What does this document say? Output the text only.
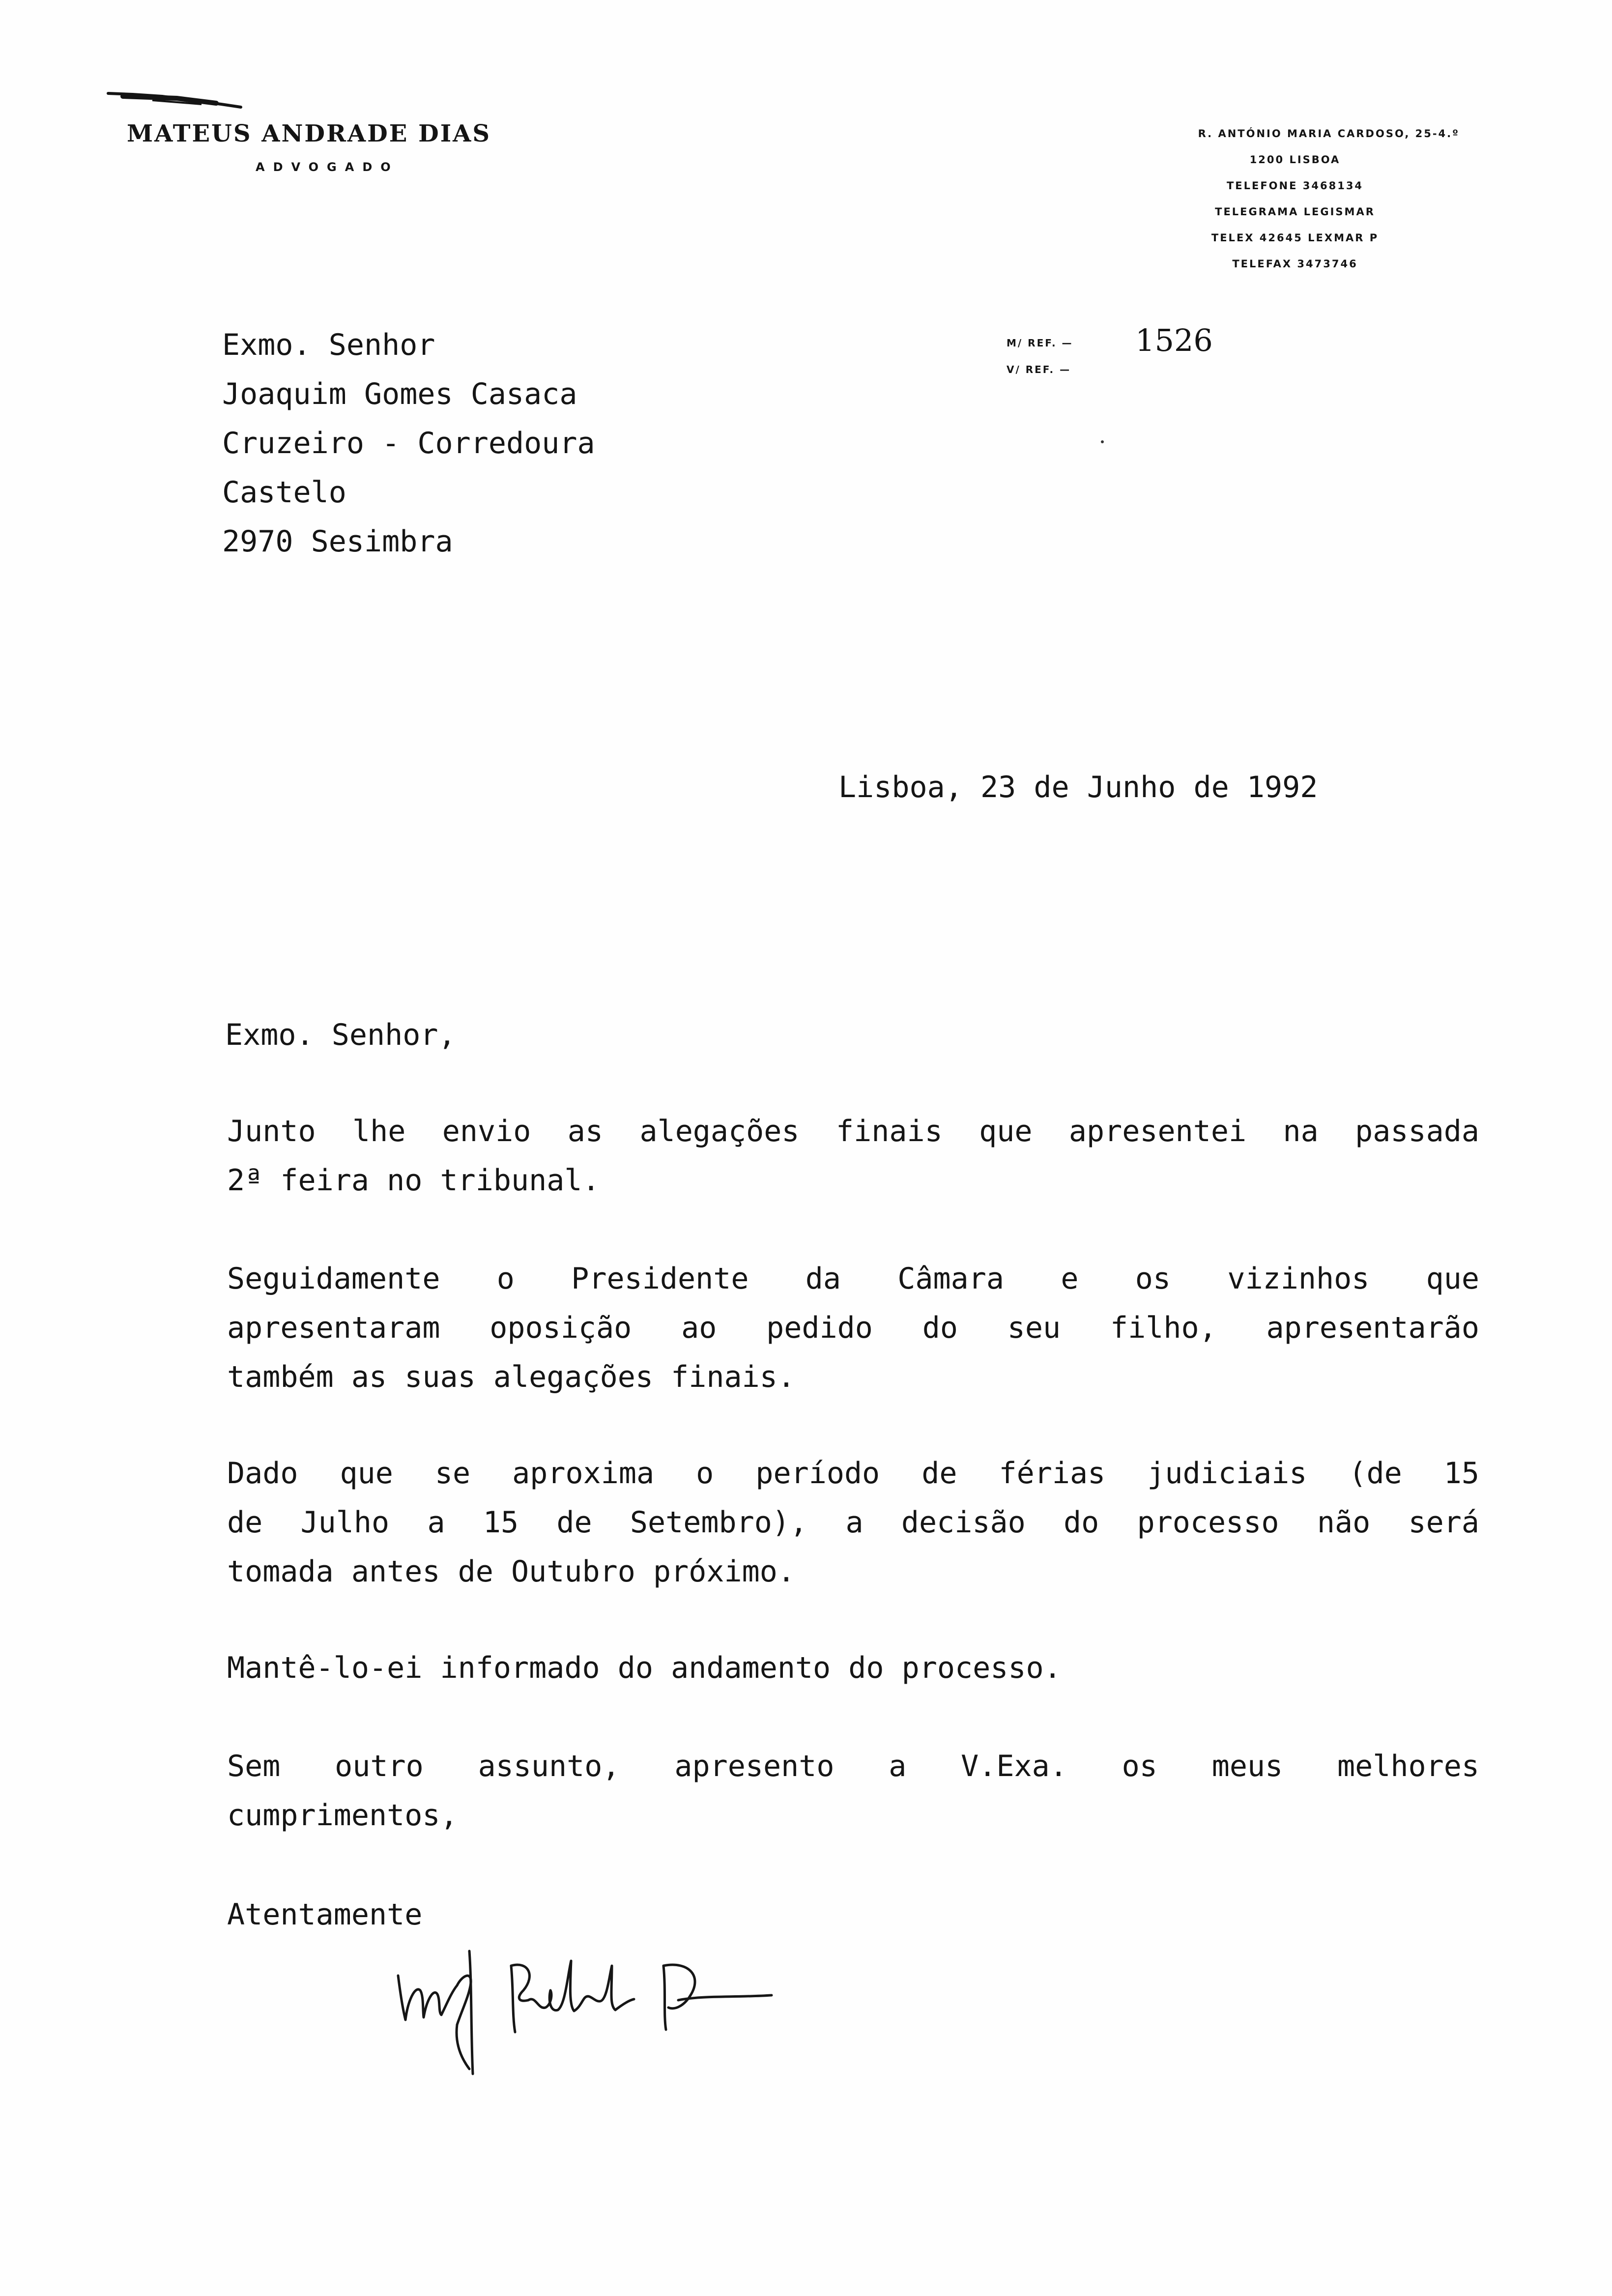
MATEUS ANDRADE DIAS
ADVOGADO
R. ANTÓNIO MARIA CARDOSO, 25-4.º
1200 LISBOA
TELEFONE 3468134
TELEGRAMA LEGISMAR
TELEX 42645 LEXMAR P
TELEFAX 3473746
Exmo. Senhor
Joaquim Gomes Casaca
Cruzeiro - Corredoura
Castelo
2970 Sesimbra
M/ REF. — 1526
V/ REF. —
Lisboa, 23 de Junho de 1992
Exmo. Senhor,
Junto lhe envio as alegações finais que apresentei na passada
2ª feira no tribunal.
Seguidamente o Presidente da Câmara e os vizinhos que
apresentaram oposição ao pedido do seu filho, apresentarão
também as suas alegações finais.
Dado que se aproxima o período de férias judiciais (de 15
de Julho a 15 de Setembro), a decisão do processo não será
tomada antes de Outubro próximo.
Mantê-lo-ei informado do andamento do processo.
Sem outro assunto, apresento a V.Exa. os meus melhores
cumprimentos,
Atentamente
